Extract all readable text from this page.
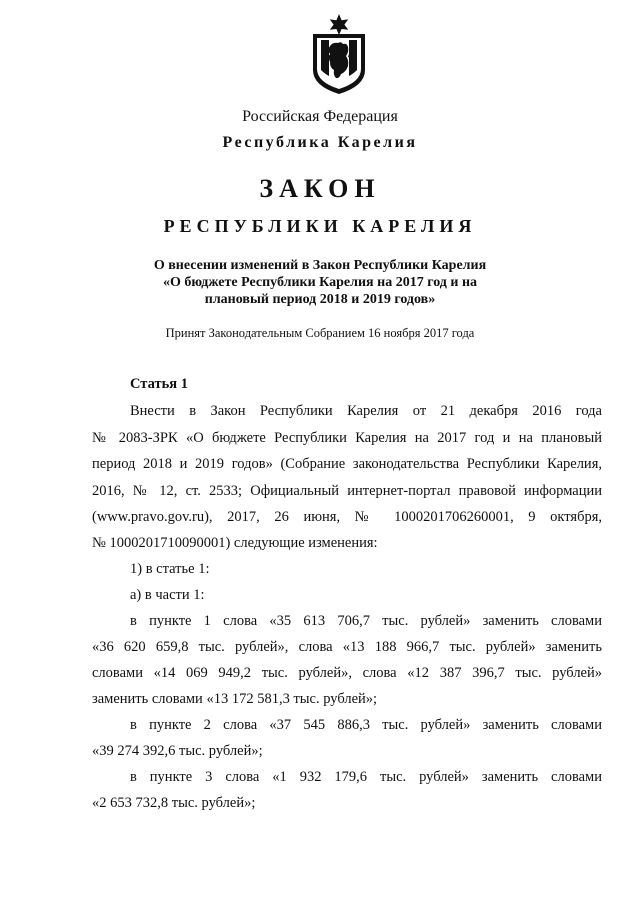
Российская Федерация
Республика Карелия
ЗАКОН
РЕСПУБЛИКИ КАРЕЛИЯ
О внесении изменений в Закон Республики Карелия
«О бюджете Республики Карелия на 2017 год и на
плановый период 2018 и 2019 годов»
Принят Законодательным Собранием 16 ноября 2017 года
Статья 1
Внести в Закон Республики Карелия от 21 декабря 2016 года
№ 2083-ЗРК «О бюджете Республики Карелия на 2017 год и на плановый
период 2018 и 2019 годов» (Собрание законодательства Республики Карелия,
2016, № 12, ст. 2533; Официальный интернет-портал правовой информации
(www.pravo.gov.ru), 2017, 26 июня, № 1000201706260001, 9 октября,
№ 1000201710090001) следующие изменения:
1) в статье 1:
а) в части 1:
в пункте 1 слова «35 613 706,7 тыс. рублей» заменить словами
«36 620 659,8 тыс. рублей», слова «13 188 966,7 тыс. рублей» заменить
словами «14 069 949,2 тыс. рублей», слова «12 387 396,7 тыс. рублей»
заменить словами «13 172 581,3 тыс. рублей»;
в пункте 2 слова «37 545 886,3 тыс. рублей» заменить словами
«39 274 392,6 тыс. рублей»;
в пункте 3 слова «1 932 179,6 тыс. рублей» заменить словами
«2 653 732,8 тыс. рублей»;
